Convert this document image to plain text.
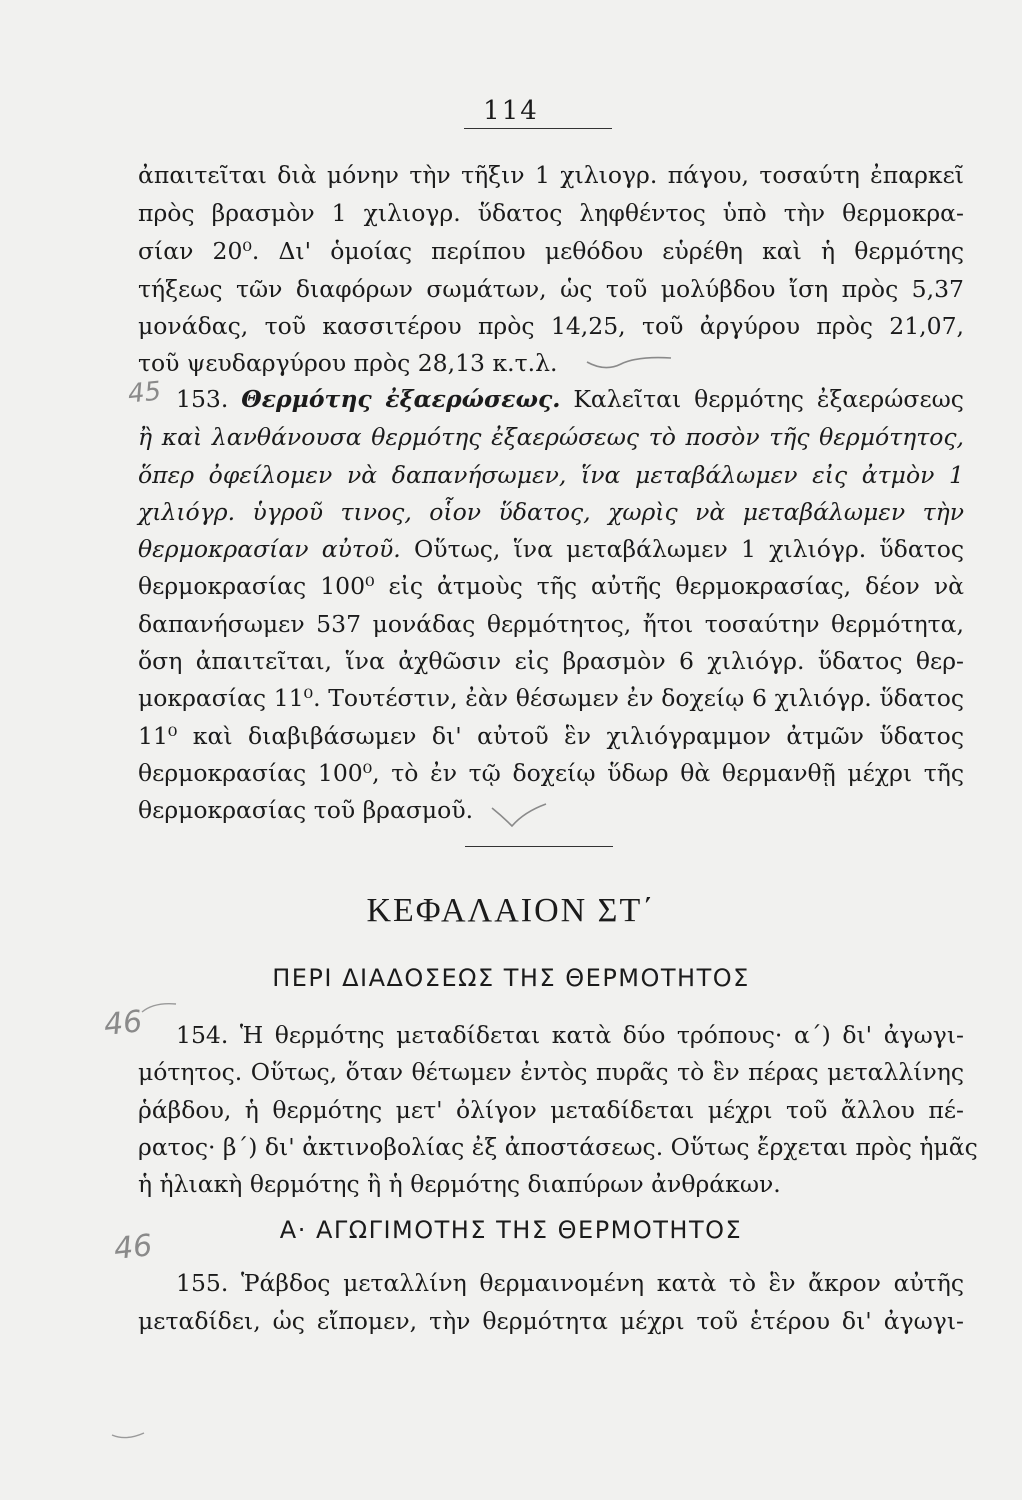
114
ἀπαιτεῖται διὰ μόνην τὴν τῆξιν 1 χιλιογρ. πάγου, τοσαύτη ἐπαρκεῖ
πρὸς βρασμὸν 1 χιλιογρ. ὕδατος ληφθέντος ὑπὸ τὴν θερμοκρα-
σίαν 20⁰. Δι' ὁμοίας περίπου μεθόδου εὑρέθη καὶ ἡ θερμότης
τήξεως τῶν διαφόρων σωμάτων, ὡς τοῦ μολύβδου ἴση πρὸς 5,37
μονάδας, τοῦ κασσιτέρου πρὸς 14,25, τοῦ ἀργύρου πρὸς 21,07,
τοῦ ψευδαργύρου πρὸς 28,13 κ.τ.λ.
153. Θερμότης ἐξαερώσεως. Καλεῖται θερμότης ἐξαερώσεως
ἢ καὶ λανθάνουσα θερμότης ἐξαερώσεως τὸ ποσὸν τῆς θερμότητος,
ὅπερ ὀφείλομεν νὰ δαπανήσωμεν, ἵνα μεταβάλωμεν εἰς ἀτμὸν 1
χιλιόγρ. ὑγροῦ τινος, οἷον ὕδατος, χωρὶς νὰ μεταβάλωμεν τὴν
θερμοκρασίαν αὐτοῦ. Οὕτως, ἵνα μεταβάλωμεν 1 χιλιόγρ. ὕδατος
θερμοκρασίας 100⁰ εἰς ἀτμοὺς τῆς αὐτῆς θερμοκρασίας, δέον νὰ
δαπανήσωμεν 537 μονάδας θερμότητος, ἤτοι τοσαύτην θερμότητα,
ὅση ἀπαιτεῖται, ἵνα ἀχθῶσιν εἰς βρασμὸν 6 χιλιόγρ. ὕδατος θερ-
μοκρασίας 11⁰. Τουτέστιν, ἐὰν θέσωμεν ἐν δοχείῳ 6 χιλιόγρ. ὕδατος
11⁰ καὶ διαβιβάσωμεν δι' αὐτοῦ ἓν χιλιόγραμμον ἀτμῶν ὕδατος
θερμοκρασίας 100⁰, τὸ ἐν τῷ δοχείῳ ὕδωρ θὰ θερμανθῇ μέχρι τῆς
θερμοκρασίας τοῦ βρασμοῦ.
ΚΕΦΑΛΑΙΟΝ ΣΤ΄
ΠΕΡΙ ΔΙΑΔΟΣΕΩΣ ΤΗΣ ΘΕΡΜΟΤΗΤΟΣ
154. Ἡ θερμότης μεταδίδεται κατὰ δύο τρόπους· α΄) δι' ἀγωγι-
μότητος. Οὕτως, ὅταν θέτωμεν ἐντὸς πυρᾶς τὸ ἓν πέρας μεταλλίνης
ῥάβδου, ἡ θερμότης μετ' ὀλίγον μεταδίδεται μέχρι τοῦ ἄλλου πέ-
ρατος· β΄) δι' ἀκτινοβολίας ἐξ ἀποστάσεως. Οὕτως ἔρχεται πρὸς ἡμᾶς
ἡ ἡλιακὴ θερμότης ἢ ἡ θερμότης διαπύρων ἀνθράκων.
Α· ΑΓΩΓΙΜΟΤΗΣ ΤΗΣ ΘΕΡΜΟΤΗΤΟΣ
155. Ῥάβδος μεταλλίνη θερμαινομένη κατὰ τὸ ἓν ἄκρον αὐτῆς
μεταδίδει, ὡς εἴπομεν, τὴν θερμότητα μέχρι τοῦ ἑτέρου δι' ἀγωγι-
45
46
46
